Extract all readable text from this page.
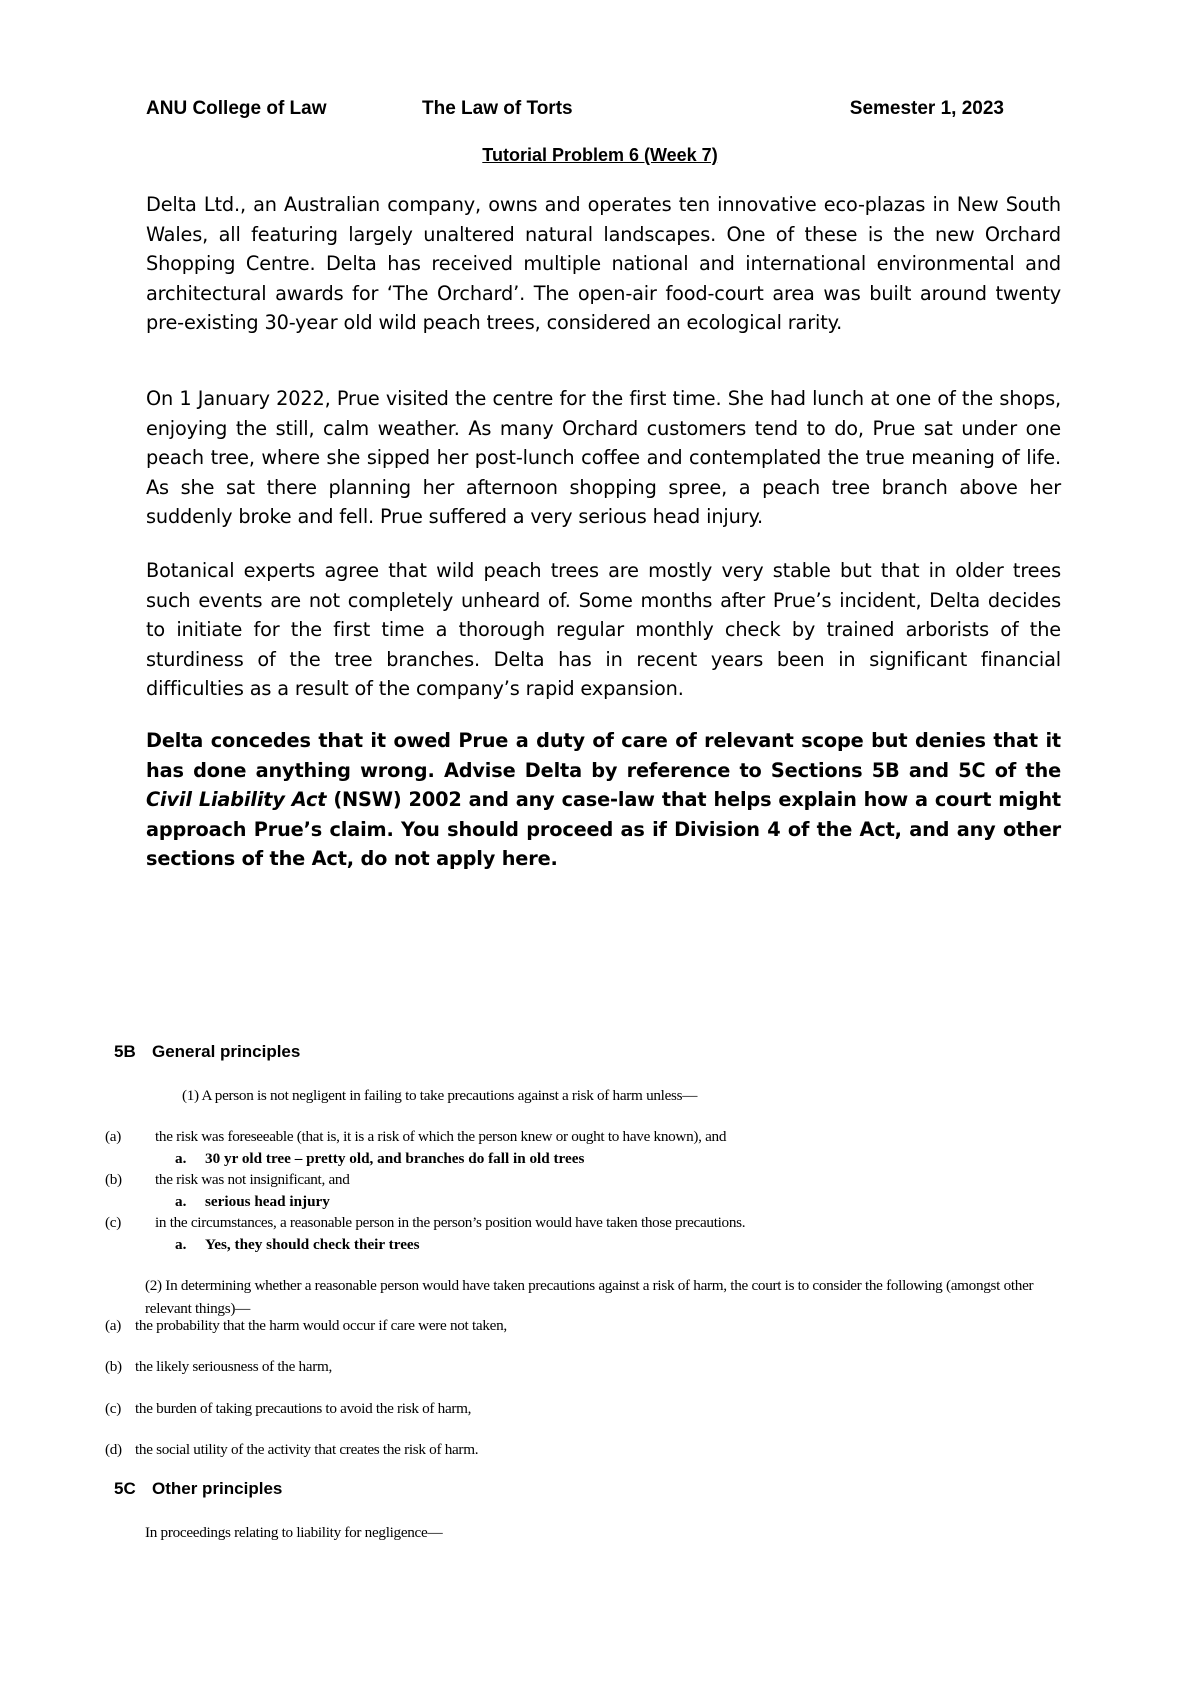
ANU College of Law	The Law of Torts	Semester 1, 2023
Tutorial Problem 6 (Week 7)

Delta Ltd., an Australian company, owns and operates ten innovative eco-plazas in New South Wales, all featuring largely unaltered natural landscapes. One of these is the new Orchard Shopping Centre. Delta has received multiple national and international environmental and architectural awards for ‘The Orchard’. The open-air food-court area was built around twenty pre-existing 30-year old wild peach trees, considered an ecological rarity.

On 1 January 2022, Prue visited the centre for the first time. She had lunch at one of the shops, enjoying the still, calm weather. As many Orchard customers tend to do, Prue sat under one peach tree, where she sipped her post-lunch coffee and contemplated the true meaning of life. As she sat there planning her afternoon shopping spree, a peach tree branch above her suddenly broke and fell. Prue suffered a very serious head injury.

Botanical experts agree that wild peach trees are mostly very stable but that in older trees such events are not completely unheard of. Some months after Prue’s incident, Delta decides to initiate for the first time a thorough regular monthly check by trained arborists of the sturdiness of the tree branches. Delta has in recent years been in significant financial difficulties as a result of the company’s rapid expansion.

Delta concedes that it owed Prue a duty of care of relevant scope but denies that it has done anything wrong. Advise Delta by reference to Sections 5B and 5C of the Civil Liability Act (NSW) 2002 and any case-law that helps explain how a court might approach Prue’s claim. You should proceed as if Division 4 of the Act, and any other sections of the Act, do not apply here.

5B General principles
(1) A person is not negligent in failing to take precautions against a risk of harm unless—
(a) the risk was foreseeable (that is, it is a risk of which the person knew or ought to have known), and
a. 30 yr old tree – pretty old, and branches do fall in old trees
(b) the risk was not insignificant, and
a. serious head injury
(c) in the circumstances, a reasonable person in the person’s position would have taken those precautions.
a. Yes, they should check their trees
(2) In determining whether a reasonable person would have taken precautions against a risk of harm, the court is to consider the following (amongst other relevant things)—
(a) the probability that the harm would occur if care were not taken,
(b) the likely seriousness of the harm,
(c) the burden of taking precautions to avoid the risk of harm,
(d) the social utility of the activity that creates the risk of harm.
5C Other principles
In proceedings relating to liability for negligence—
